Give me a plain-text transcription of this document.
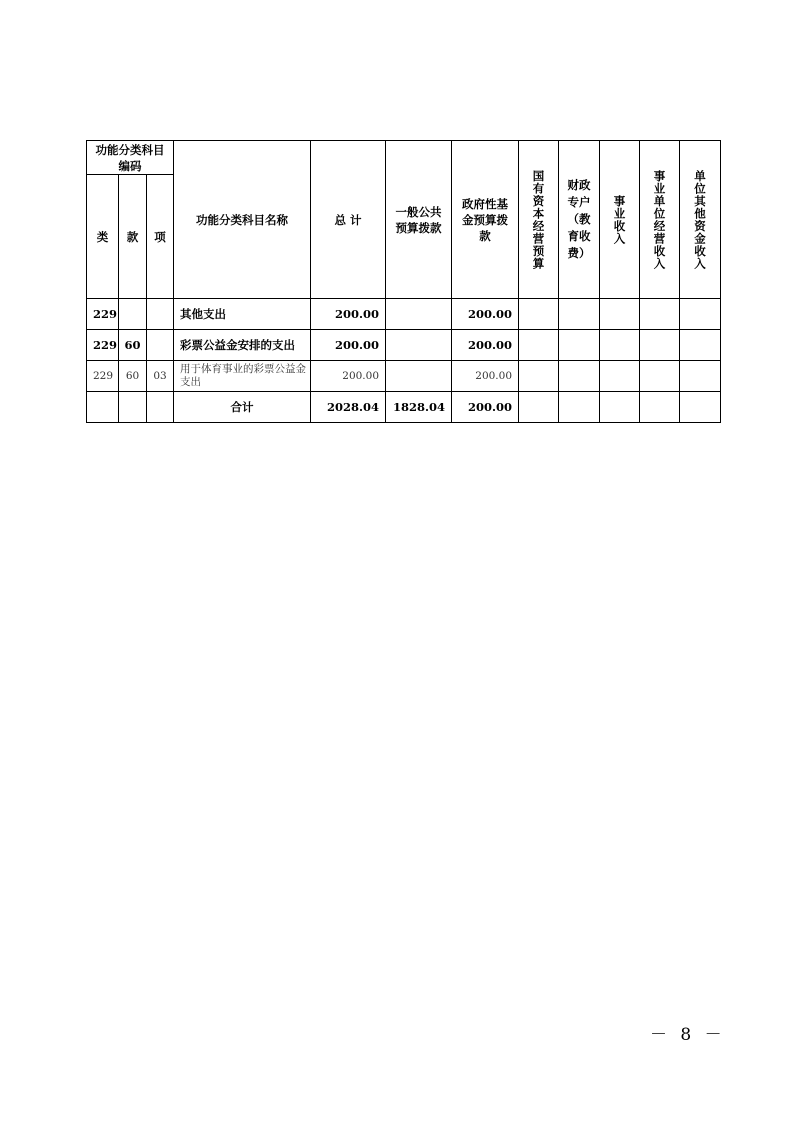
功能分类科目编码			功能分类科目名称	总 计	一般公共预算拨款	政府性基金预算拨款	国有资本经营预算	财政专户（教育收费）	事业收入	事业单位经营收入	单位其他资金收入

类	款	项									
229			其他支出	200.00		200.00					
229	60		彩票公益金安排的支出	200.00		200.00					
229	60	03	用于体育事业的彩票公益金支出	200.00		200.00					
			合计	2028.04	1828.04	200.00					
－ 8 －
